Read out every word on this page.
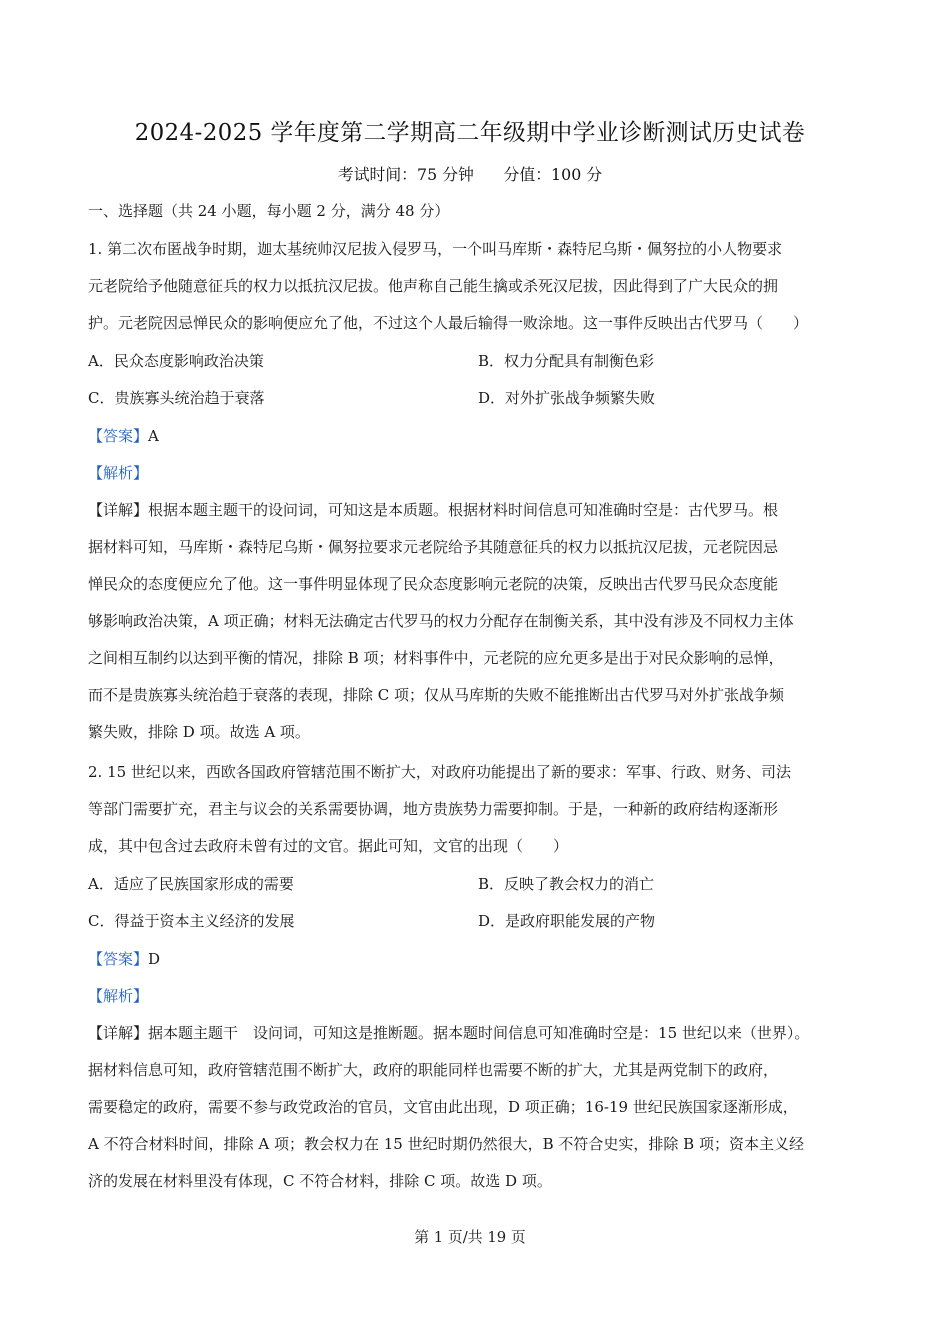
2024-2025 学年度第二学期高二年级期中学业诊断测试历史试卷
考试时间：75 分钟 分值：100 分
一、选择题（共 24 小题，每小题 2 分，满分 48 分）
1. 第二次布匿战争时期，迦太基统帅汉尼拔入侵罗马，一个叫马库斯・森特尼乌斯・佩努拉的小人物要求
元老院给予他随意征兵的权力以抵抗汉尼拔。他声称自己能生擒或杀死汉尼拔，因此得到了广大民众的拥
护。元老院因忌惮民众的影响便应允了他，不过这个人最后输得一败涂地。这一事件反映出古代罗马（　　）
A．民众态度影响政治决策	B．权力分配具有制衡色彩
C．贵族寡头统治趋于衰落	D．对外扩张战争频繁失败
【答案】A
【解析】
【详解】根据本题主题干的设问词，可知这是本质题。根据材料时间信息可知准确时空是：古代罗马。根
据材料可知，马库斯・森特尼乌斯・佩努拉要求元老院给予其随意征兵的权力以抵抗汉尼拔，元老院因忌
惮民众的态度便应允了他。这一事件明显体现了民众态度影响元老院的决策，反映出古代罗马民众态度能
够影响政治决策，A 项正确；材料无法确定古代罗马的权力分配存在制衡关系，其中没有涉及不同权力主体
之间相互制约以达到平衡的情况，排除 B 项；材料事件中，元老院的应允更多是出于对民众影响的忌惮，
而不是贵族寡头统治趋于衰落的表现，排除 C 项；仅从马库斯的失败不能推断出古代罗马对外扩张战争频
繁失败，排除 D 项。故选 A 项。
2. 15 世纪以来，西欧各国政府管辖范围不断扩大，对政府功能提出了新的要求：军事、行政、财务、司法
等部门需要扩充，君主与议会的关系需要协调，地方贵族势力需要抑制。于是，一种新的政府结构逐渐形
成，其中包含过去政府未曾有过的文官。据此可知，文官的出现（　　）
A．适应了民族国家形成的需要	B．反映了教会权力的消亡
C．得益于资本主义经济的发展	D．是政府职能发展的产物
【答案】D
【解析】
【详解】据本题主题干　设问词，可知这是推断题。据本题时间信息可知准确时空是：15 世纪以来（世界）。
据材料信息可知，政府管辖范围不断扩大，政府的职能同样也需要不断的扩大，尤其是两党制下的政府，
需要稳定的政府，需要不参与政党政治的官员，文官由此出现，D 项正确；16-19 世纪民族国家逐渐形成，
A 不符合材料时间，排除 A 项；教会权力在 15 世纪时期仍然很大，B 不符合史实，排除 B 项；资本主义经
济的发展在材料里没有体现，C 不符合材料，排除 C 项。故选 D 项。
第 1 页/共 19 页
